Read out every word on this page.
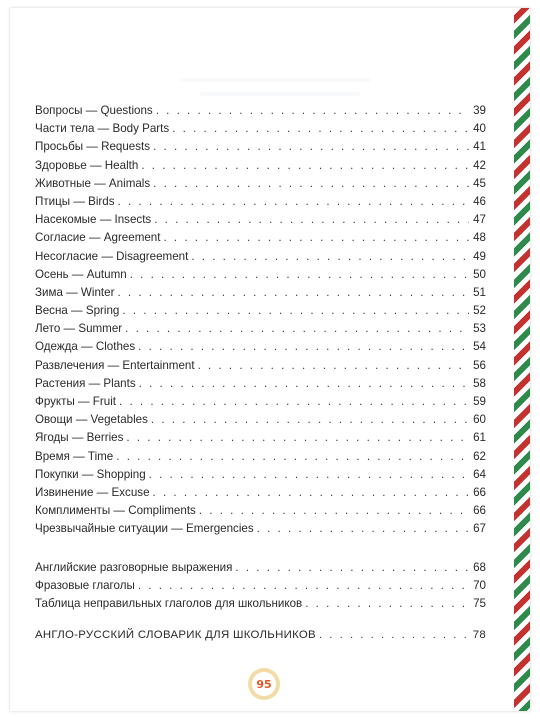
Вопросы — Questions . . .	39
Части тела — Body Parts . . .	40
Просьбы — Requests . . .	41
Здоровье — Health . . .	42
Животные — Animals . . .	45
Птицы — Birds . . .	46
Насекомые — Insects . . .	47
Согласие — Agreement . . .	48
Несогласие — Disagreement . . .	49
Осень — Autumn . . .	50
Зима — Winter . . .	51
Весна — Spring . . .	52
Лето — Summer . . .	53
Одежда — Clothes . . .	54
Развлечения — Entertainment . . .	56
Растения — Plants . . .	58
Фрукты — Fruit . . .	59
Овощи — Vegetables . . .	60
Ягоды — Berries . . .	61
Время — Time . . .	62
Покупки — Shopping . . .	64
Извинение — Excuse . . .	66
Комплименты — Compliments . . .	66
Чрезвычайные ситуации — Emergencies . . .	67
Английские разговорные выражения . . .	68
Фразовые глаголы . . .	70
Таблица неправильных глаголов для школьников . . .	75
АНГЛО-РУССКИЙ СЛОВАРИК ДЛЯ ШКОЛЬНИКОВ . . .	78
95
